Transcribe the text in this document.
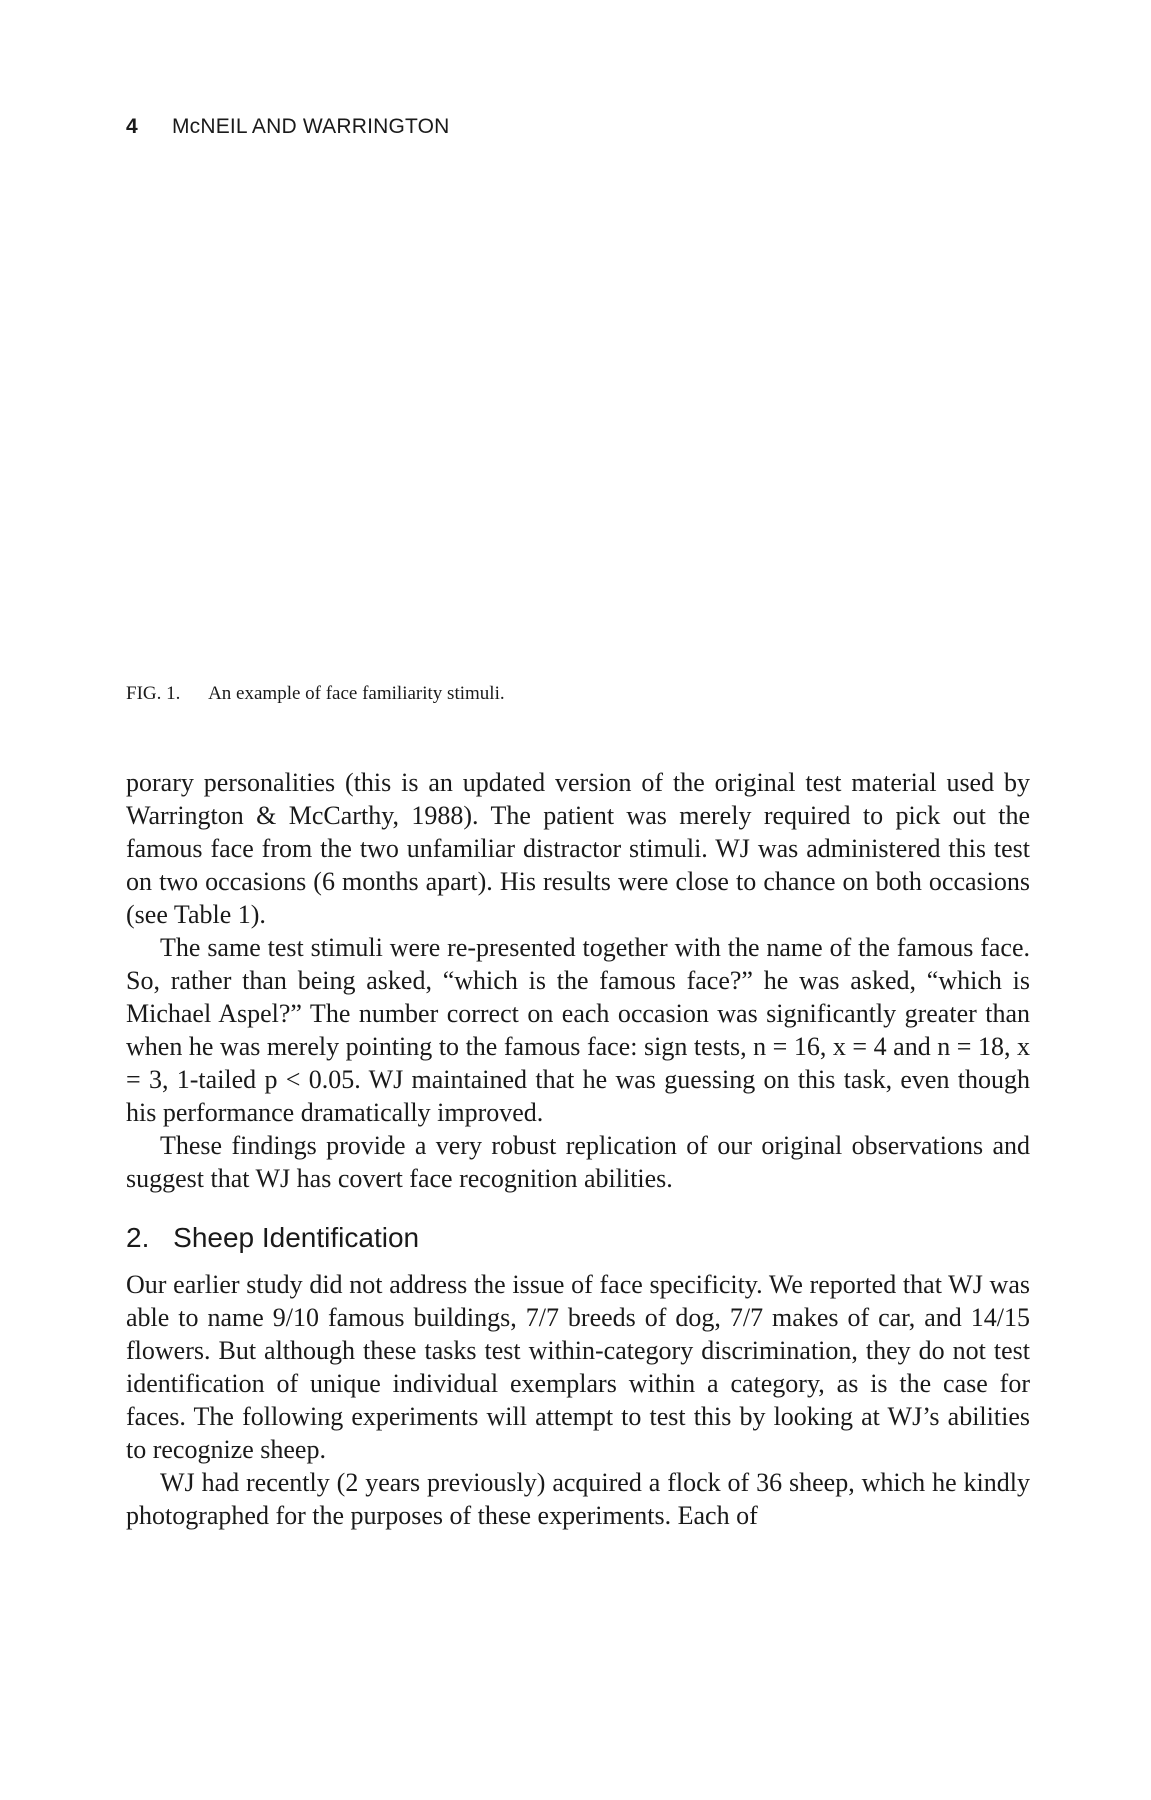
4 McNEIL AND WARRINGTON
FIG. 1. An example of face familiarity stimuli.

porary personalities (this is an updated version of the original test material used by Warrington & McCarthy, 1988). The patient was merely required to pick out the famous face from the two unfamiliar distractor stimuli. WJ was administered this test on two occasions (6 months apart). His results were close to chance on both occasions (see Table 1).

The same test stimuli were re-presented together with the name of the famous face. So, rather than being asked, “which is the famous face?” he was asked, “which is Michael Aspel?” The number correct on each occasion was significantly greater than when he was merely pointing to the famous face: sign tests, n = 16, x = 4 and n = 18, x = 3, 1-tailed p < 0.05. WJ maintained that he was guessing on this task, even though his performance dramatically improved.

These findings provide a very robust replication of our original observations and suggest that WJ has covert face recognition abilities.

2. Sheep Identification

Our earlier study did not address the issue of face specificity. We reported that WJ was able to name 9/10 famous buildings, 7/7 breeds of dog, 7/7 makes of car, and 14/15 flowers. But although these tasks test within-category discrimination, they do not test identification of unique individual exemplars within a category, as is the case for faces. The following experiments will attempt to test this by looking at WJ’s abilities to recognize sheep.

WJ had recently (2 years previously) acquired a flock of 36 sheep, which he kindly photographed for the purposes of these experiments. Each of
